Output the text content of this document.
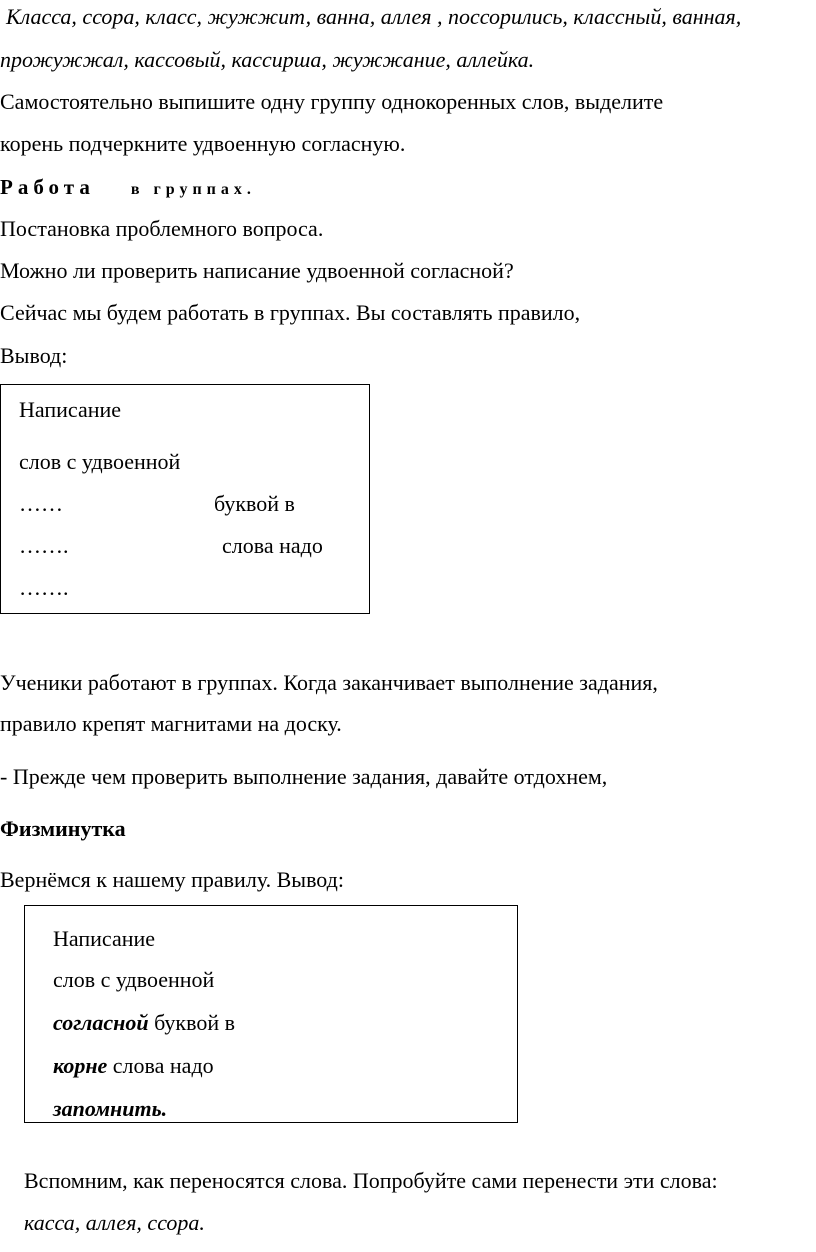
Класса, ссора, класс, жужжит, ванна, аллея , поссорились, классный, ванная,
прожужжал, кассовый, кассирша, жужжание, аллейка.
Самостоятельно выпишите одну группу однокоренных слов, выделите
корень подчеркните удвоенную согласную.
Работа в группах.
Постановка проблемного вопроса.
Можно ли проверить написание удвоенной согласной?
Сейчас мы будем работать в группах. Вы составлять правило,
Вывод:
Написание
слов с удвоенной
……	буквой в
…….	слова надо
…….
Ученики работают в группах. Когда заканчивает выполнение задания,
правило крепят магнитами на доску.
- Прежде чем проверить выполнение задания, давайте отдохнем,
Физминутка
Вернёмся к нашему правилу. Вывод:
Написание
слов с удвоенной
согласной буквой в
корне слова надо
запомнить.
Вспомним, как переносятся слова. Попробуйте сами перенести эти слова:
касса, аллея, ссора.
